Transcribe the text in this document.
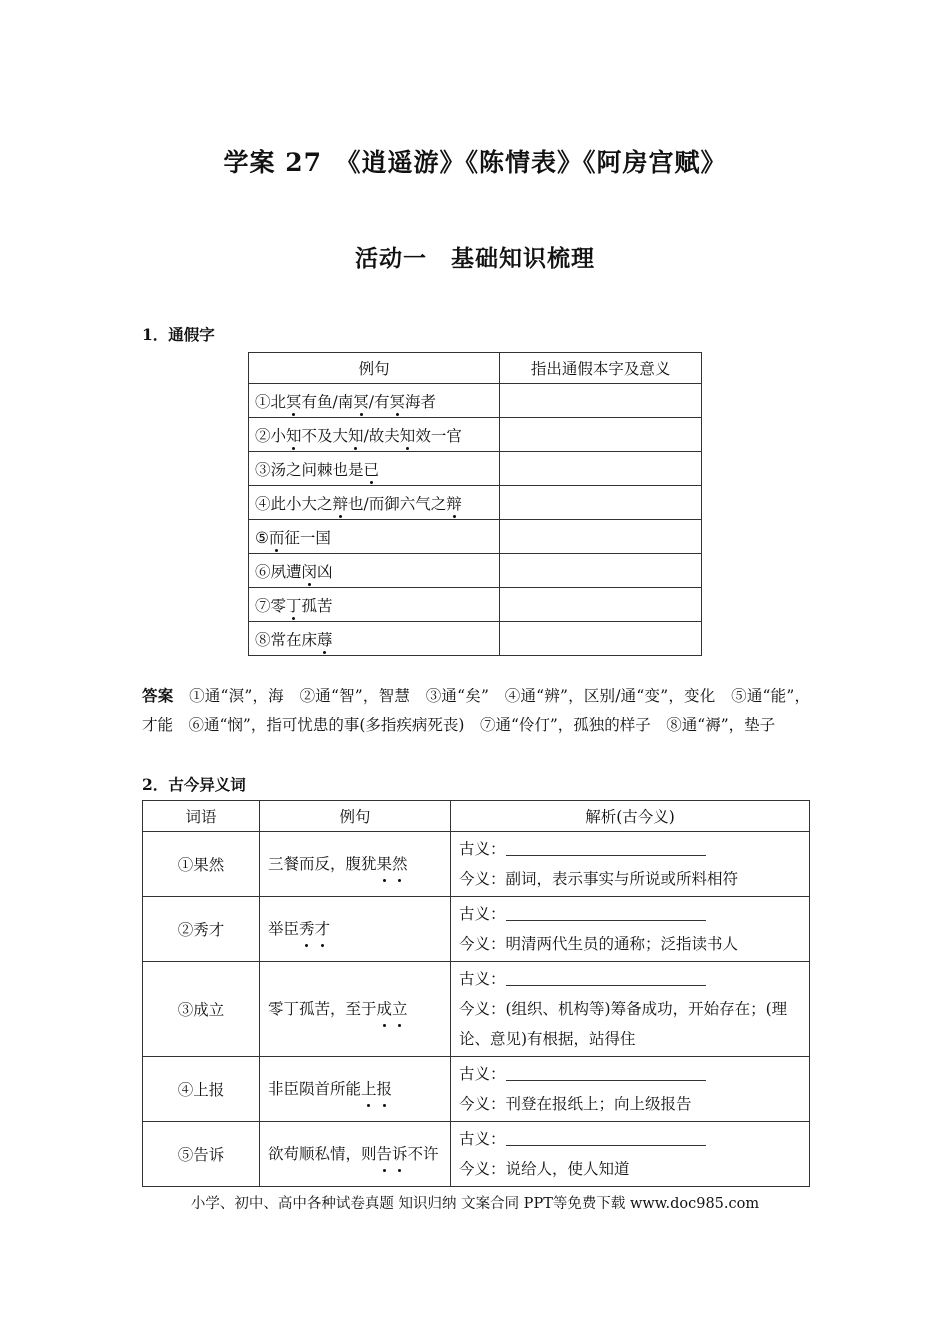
学案 27　《逍遥游》《陈情表》《阿房宫赋》
活动一　基础知识梳理
1．通假字
例句	指出通假本字及意义
①北冥有鱼/南冥/有冥海者	
②小知不及大知/故夫知效一官	
③汤之问棘也是已	
④此小大之辩也/而御六气之辩	
⑤而征一国	
⑥夙遭闵凶	
⑦零丁孤苦	
⑧常在床蓐	
答案　①通“溟”，海　②通“智”，智慧　③通“矣”　④通“辨”，区别/通“变”，变化　⑤通“能”，才能　⑥通“悯”，指可忧患的事(多指疾病死丧)　⑦通“伶仃”，孤独的样子　⑧通“褥”，垫子
2．古今异义词
词语	例句	解析(古今义)
①果然	三餐而反，腹犹果然	古义：
今义：副词，表示事实与所说或所料相符

②秀才	举臣秀才	古义：
今义：明清两代生员的通称；泛指读书人

③成立	零丁孤苦，至于成立	古义：
今义：(组织、机构等)筹备成功，开始存在；(理论、意见)有根据，站得住

④上报	非臣陨首所能上报	古义：
今义：刊登在报纸上；向上级报告

⑤告诉	欲苟顺私情，则告诉不许	古义：
今义：说给人，使人知道
小学、初中、高中各种试卷真题 知识归纳 文案合同 PPT等免费下载 www.doc985.com
